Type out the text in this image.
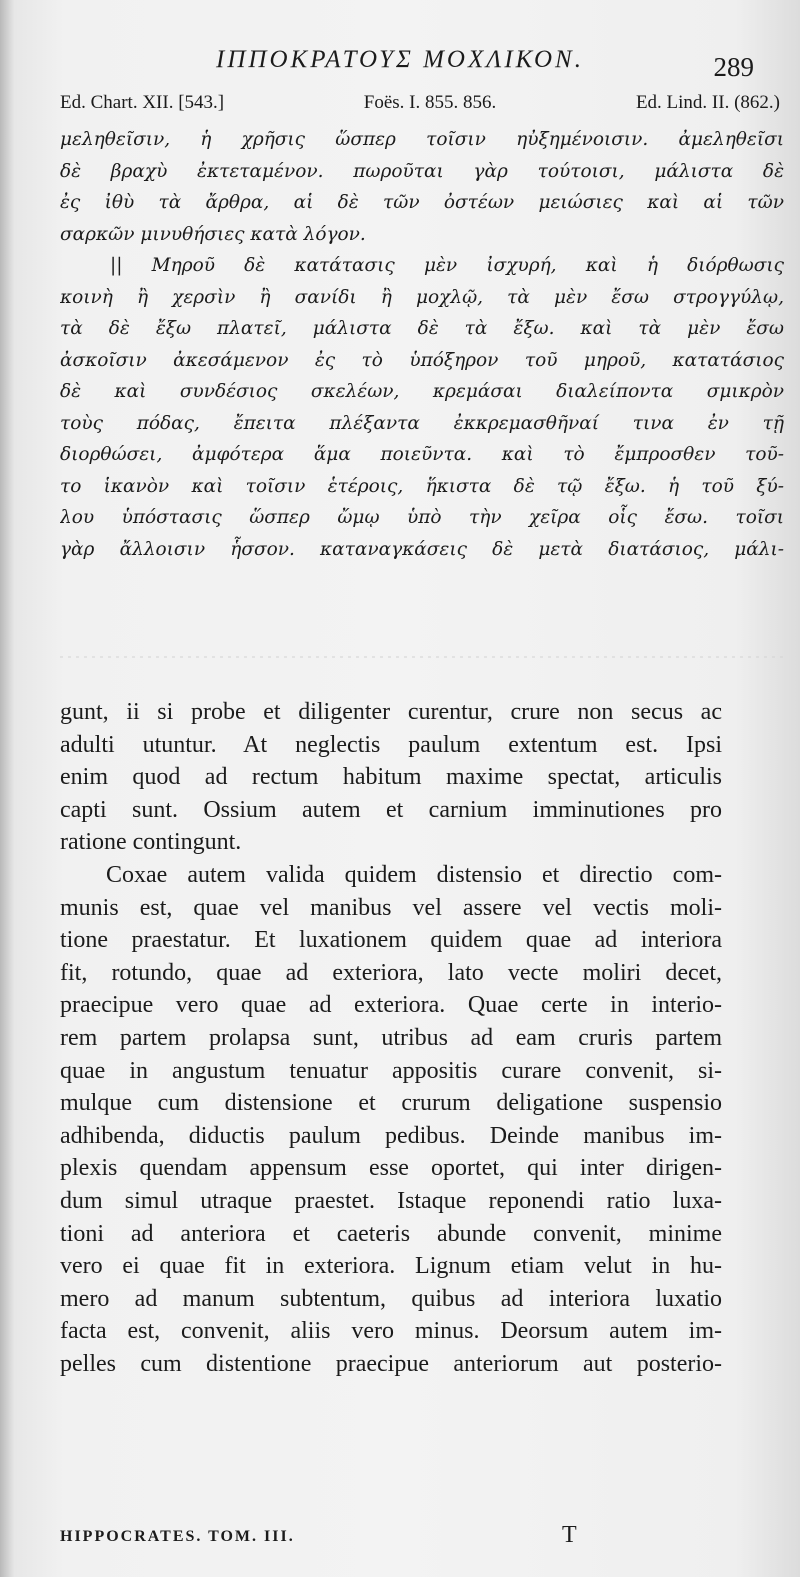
ΙΠΠΟΚΡΑΤΟΥΣ ΜΟΧΛΙΚΟΝ.	289
Ed. Chart. XII. [543.]	Foës. I. 855. 856.	Ed. Lind. II. (862.)
μεληθεῖσιν, ἡ χρῆσις ὥσπερ τοῖσιν ηὐξημένοισιν. ἀμεληθεῖσι
δὲ βραχὺ ἐκτεταμένον. πωροῦται γὰρ τούτοισι, μάλιστα δὲ
ἐς ἰθὺ τὰ ἄρθρα, αἱ δὲ τῶν ὀστέων μειώσιες καὶ αἱ τῶν
σαρκῶν μινυθήσιες κατὰ λόγον.
|| Μηροῦ δὲ κατάτασις μὲν ἰσχυρή, καὶ ἡ διόρθωσις
κοινὴ ἢ χερσὶν ἢ σανίδι ἢ μοχλῷ, τὰ μὲν ἔσω στρογγύλῳ,
τὰ δὲ ἔξω πλατεῖ, μάλιστα δὲ τὰ ἔξω. καὶ τὰ μὲν ἔσω
ἀσκοῖσιν ἀκεσάμενον ἐς τὸ ὑπόξηρον τοῦ μηροῦ, κατατάσιος
δὲ καὶ συνδέσιος σκελέων, κρεμάσαι διαλείποντα σμικρὸν
τοὺς πόδας, ἔπειτα πλέξαντα ἐκκρεμασθῆναί τινα ἐν τῇ
διορθώσει, ἀμφότερα ἅμα ποιεῦντα. καὶ τὸ ἔμπροσθεν τοῦ-
το ἱκανὸν καὶ τοῖσιν ἑτέροις, ἥκιστα δὲ τῷ ἔξω. ἡ τοῦ ξύ-
λου ὑπόστασις ὥσπερ ὤμῳ ὑπὸ τὴν χεῖρα οἷς ἔσω. τοῖσι
γὰρ ἄλλοισιν ἧσσον. καταναγκάσεις δὲ μετὰ διατάσιος, μάλι-
gunt, ii si probe et diligenter curentur, crure non secus ac
adulti utuntur. At neglectis paulum extentum est. Ipsi
enim quod ad rectum habitum maxime spectat, articulis
capti sunt. Ossium autem et carnium imminutiones pro
ratione contingunt.
Coxae autem valida quidem distensio et directio com-
munis est, quae vel manibus vel assere vel vectis moli-
tione praestatur. Et luxationem quidem quae ad interiora
fit, rotundo, quae ad exteriora, lato vecte moliri decet,
praecipue vero quae ad exteriora. Quae certe in interio-
rem partem prolapsa sunt, utribus ad eam cruris partem
quae in angustum tenuatur appositis curare convenit, si-
mulque cum distensione et crurum deligatione suspensio
adhibenda, diductis paulum pedibus. Deinde manibus im-
plexis quendam appensum esse oportet, qui inter dirigen-
dum simul utraque praestet. Istaque reponendi ratio luxa-
tioni ad anteriora et caeteris abunde convenit, minime
vero ei quae fit in exteriora. Lignum etiam velut in hu-
mero ad manum subtentum, quibus ad interiora luxatio
facta est, convenit, aliis vero minus. Deorsum autem im-
pelles cum distentione praecipue anteriorum aut posterio-
HIPPOCRATES. TOM. III.	T
